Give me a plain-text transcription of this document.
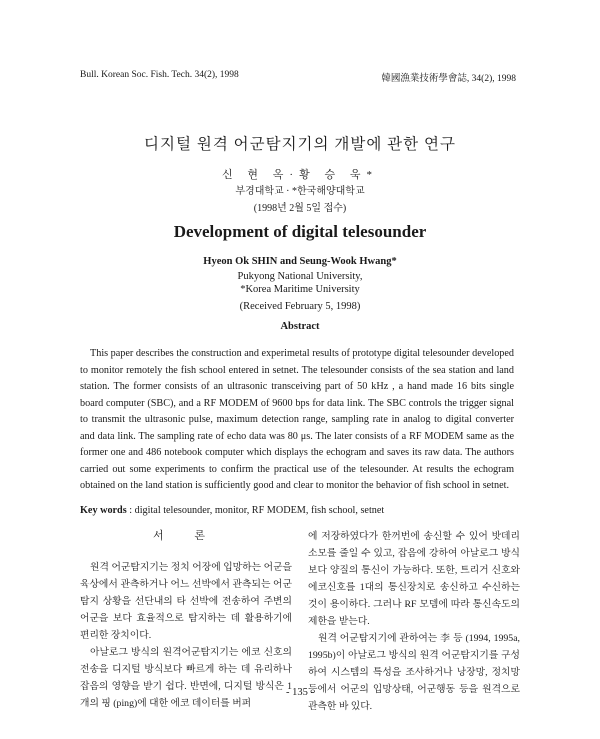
Bull. Korean Soc. Fish. Tech. 34(2), 1998	韓國漁業技術學會誌, 34(2), 1998
디지털 원격 어군탐지기의 개발에 관한 연구
신 현 옥·황 승 욱*
부경대학교 · *한국해양대학교
(1998년 2월 5일 접수)
Development of digital telesounder
Hyeon Ok SHIN and Seung-Wook Hwang*
Pukyong National University,
*Korea Maritime University
(Received February 5, 1998)
Abstract

This paper describes the construction and experimetal results of prototype digital telesounder developed to monitor remotely the fish school entered in setnet. The telesounder consists of the sea station and land station. The former consists of an ultrasonic transceiving part of 50 kHz , a hand made 16 bits single board computer (SBC), and a RF MODEM of 9600 bps for data link. The SBC controls the trigger signal to transmit the ultrasonic pulse, maximum detection range, sampling rate in analog to digital converter and data link. The sampling rate of echo data was 80 μs. The later consists of a RF MODEM same as the former one and 486 notebook computer which displays the echogram and saves its raw data. The authors carried out some experiments to confirm the practical use of the telesounder. At results the echogram obtained on the land station is sufficiently good and clear to monitor the behavior of fish school in setnet.

Key words : digital telesounder, monitor, RF MODEM, fish school, setnet

서 론

원격 어군탐지기는 정치 어장에 입망하는 어군을 육상에서 관측하거나 어느 선박에서 관측되는 어군탐지 상황을 선단내의 타 선박에 전송하여 주변의 어군을 보다 효율적으로 탐지하는 데 활용하기에 편리한 장치이다.

아날로그 방식의 원격어군탐지기는 에코 신호의 전송을 디지털 방식보다 빠르게 하는 데 유리하나 잡음의 영향을 받기 쉽다. 반면에, 디지털 방식은 1개의 핑 (ping)에 대한 에코 데이터를 버퍼

에 저장하였다가 한꺼번에 송신할 수 있어 밧데리 소모를 줄일 수 있고, 잡음에 강하여 아날로그 방식 보다 양질의 통신이 가능하다. 또한, 트리거 신호와 에코신호를 1대의 통신장치로 송신하고 수신하는 것이 용이하다. 그러나 RF 모뎀에 따라 통신속도의 제한을 받는다.

원격 어군탐지기에 관하여는 李 등 (1994, 1995a, 1995b)이 아날로그 방식의 원격 어군탐지기를 구성하여 시스템의 특성을 조사하거나 낭장망, 정치망 등에서 어군의 입망상태, 어군행동 등을 원격으로 관측한 바 있다.

- 135 -
